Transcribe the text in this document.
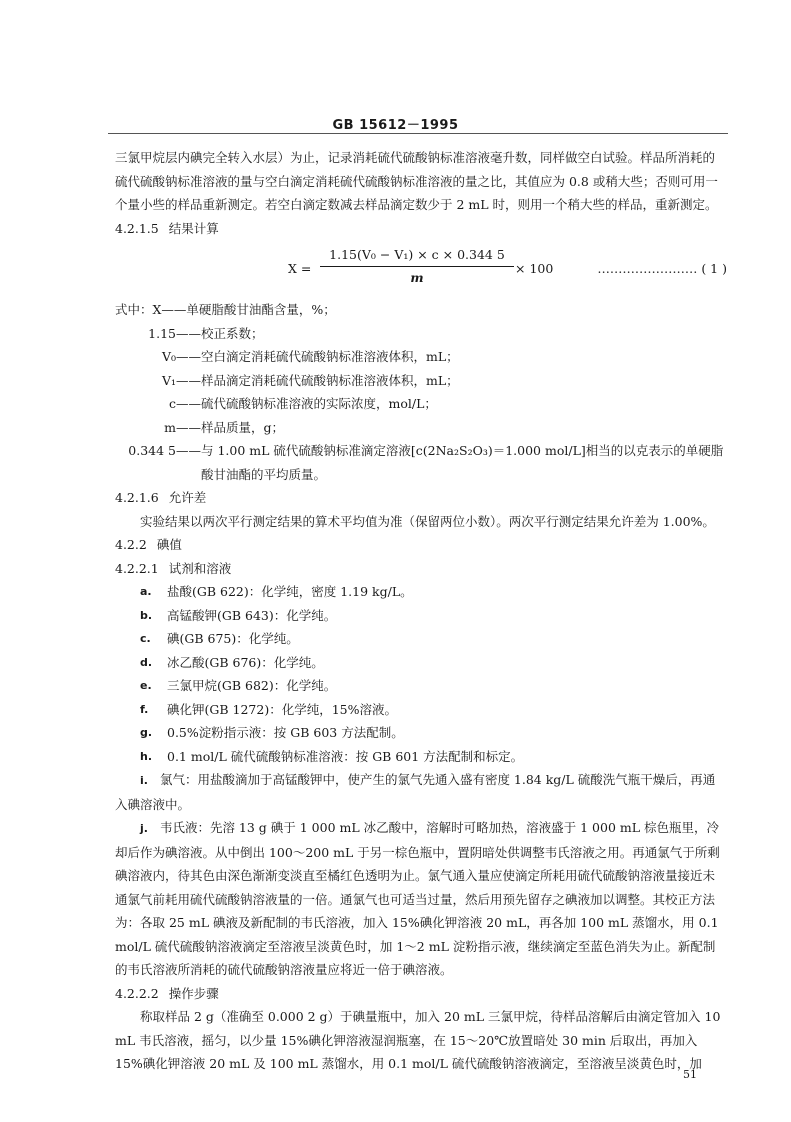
GB 15612－1995

三氯甲烷层内碘完全转入水层）为止，记录消耗硫代硫酸钠标准溶液毫升数，同样做空白试验。样品所消耗的硫代硫酸钠标准溶液的量与空白滴定消耗硫代硫酸钠标准溶液的量之比，其值应为 0.8 或稍大些；否则可用一个量小些的样品重新测定。若空白滴定数减去样品滴定数少于 2 mL 时，则用一个稍大些的样品，重新测定。

4.2.1.5 结果计算

$X = \frac{\text{1.15(V₀ − V₁) × c × 0.344 5}}{m} \times 100$	…………………… ( 1 )
式中： X—— 单硬脂酸甘油酯含量，%；
1.15—— 校正系数；
V₀—— 空白滴定消耗硫代硫酸钠标准溶液体积，mL；
V₁—— 样品滴定消耗硫代硫酸钠标准溶液体积，mL；
c—— 硫代硫酸钠标准溶液的实际浓度，mol/L；
m—— 样品质量，g；
0.344 5—— 与 1.00 mL 硫代硫酸钠标准滴定溶液[c(2Na₂S₂O₃)＝1.000 mol/L]相当的以克表示的单硬脂酸甘油酯的平均质量。

4.2.1.6 允许差

实验结果以两次平行测定结果的算术平均值为准（保留两位小数）。两次平行测定结果允许差为 1.00%。

4.2.2 碘值

4.2.2.1 试剂和溶液

a.	盐酸(GB 622)：化学纯，密度 1.19 kg/L。
b.	高锰酸钾(GB 643)：化学纯。
c.	碘(GB 675)：化学纯。
d.	冰乙酸(GB 676)：化学纯。
e.	三氯甲烷(GB 682)：化学纯。
f.	碘化钾(GB 1272)：化学纯，15%溶液。
g.	0.5%淀粉指示液：按 GB 603 方法配制。
h.	0.1 mol/L 硫代硫酸钠标准溶液：按 GB 601 方法配制和标定。

i. 氯气：用盐酸滴加于高锰酸钾中，使产生的氯气先通入盛有密度 1.84 kg/L 硫酸洗气瓶干燥后，再通入碘溶液中。

j. 韦氏液：先溶 13 g 碘于 1 000 mL 冰乙酸中，溶解时可略加热，溶液盛于 1 000 mL 棕色瓶里，冷却后作为碘溶液。从中倒出 100～200 mL 于另一棕色瓶中，置阴暗处供调整韦氏溶液之用。再通氯气于所剩碘溶液内，待其色由深色渐渐变淡直至橘红色透明为止。氯气通入量应使滴定所耗用硫代硫酸钠溶液量接近未通氯气前耗用硫代硫酸钠溶液量的一倍。通氯气也可适当过量，然后用预先留存之碘液加以调整。其校正方法为：各取 25 mL 碘液及新配制的韦氏溶液，加入 15%碘化钾溶液 20 mL，再各加 100 mL 蒸馏水，用 0.1 mol/L 硫代硫酸钠溶液滴定至溶液呈淡黄色时，加 1～2 mL 淀粉指示液，继续滴定至蓝色消失为止。新配制的韦氏溶液所消耗的硫代硫酸钠溶液量应将近一倍于碘溶液。

4.2.2.2 操作步骤

称取样品 2 g（准确至 0.000 2 g）于碘量瓶中，加入 20 mL 三氯甲烷，待样品溶解后由滴定管加入 10 mL 韦氏溶液，摇匀，以少量 15%碘化钾溶液湿润瓶塞，在 15～20℃放置暗处 30 min 后取出，再加入 15%碘化钾溶液 20 mL 及 100 mL 蒸馏水，用 0.1 mol/L 硫代硫酸钠溶液滴定，至溶液呈淡黄色时，加

51
